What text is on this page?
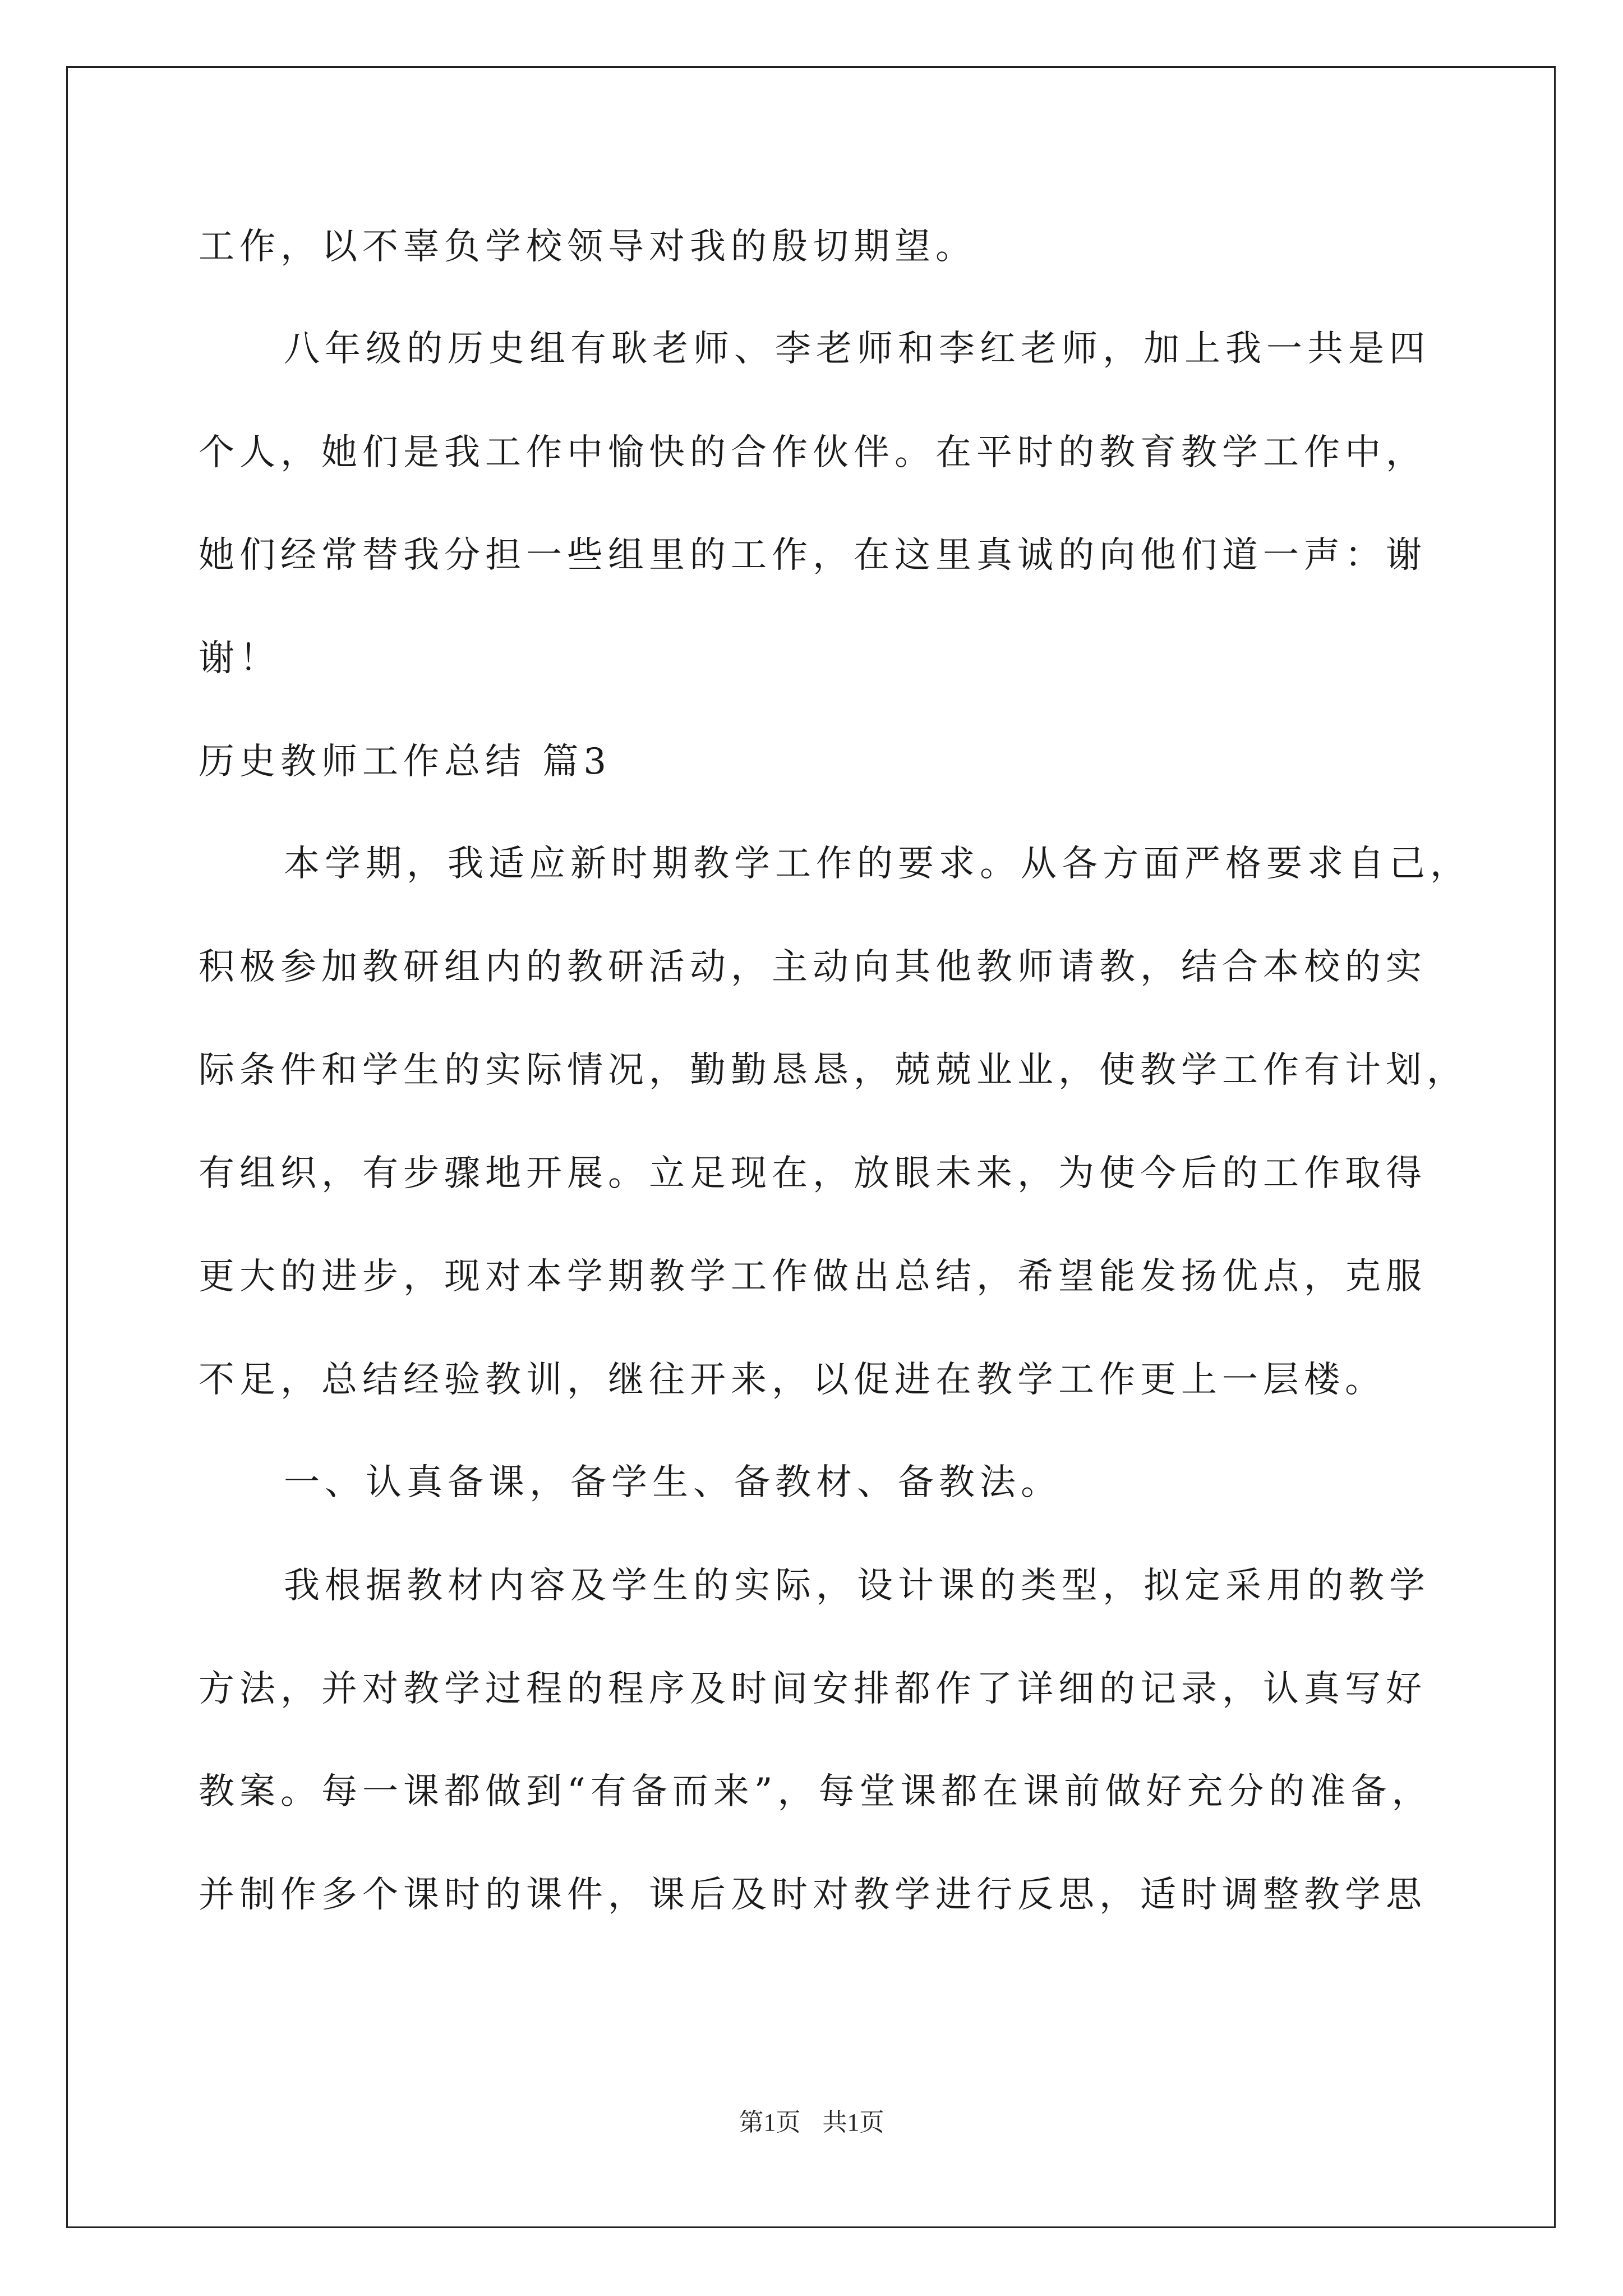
工作，以不辜负学校领导对我的殷切期望。
八年级的历史组有耿老师、李老师和李红老师，加上我一共是四
个人，她们是我工作中愉快的合作伙伴。在平时的教育教学工作中，
她们经常替我分担一些组里的工作，在这里真诚的向他们道一声：谢
谢！
历史教师工作总结 篇3
本学期，我适应新时期教学工作的要求。从各方面严格要求自己，
积极参加教研组内的教研活动，主动向其他教师请教，结合本校的实
际条件和学生的实际情况，勤勤恳恳，兢兢业业，使教学工作有计划，
有组织，有步骤地开展。立足现在，放眼未来，为使今后的工作取得
更大的进步，现对本学期教学工作做出总结，希望能发扬优点，克服
不足，总结经验教训，继往开来，以促进在教学工作更上一层楼。
一、认真备课，备学生、备教材、备教法。
我根据教材内容及学生的实际，设计课的类型，拟定采用的教学
方法，并对教学过程的程序及时间安排都作了详细的记录，认真写好
教案。每一课都做到“有备而来”，每堂课都在课前做好充分的准备，
并制作多个课时的课件，课后及时对教学进行反思，适时调整教学思
第1页 共1页
